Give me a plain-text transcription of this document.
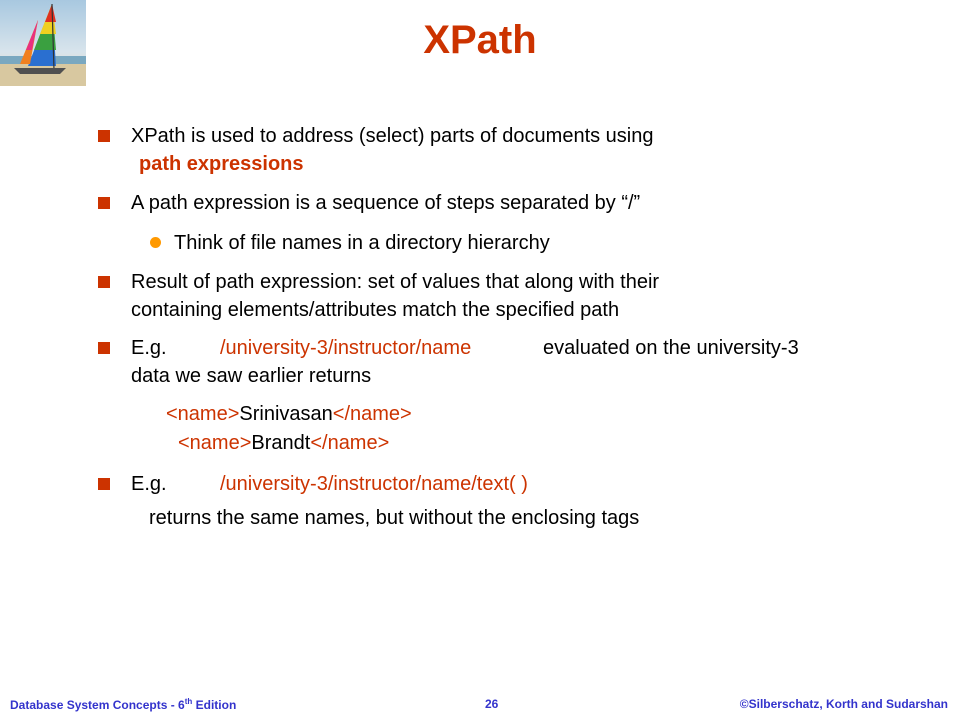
XPath
XPath is used to address (select) parts of documents using
path expressions
A path expression is a sequence of steps separated by “/”
Think of file names in a directory hierarchy
Result of path expression: set of values that along with their
containing elements/attributes match the specified path
E.g.	/university-3/instructor/name	evaluated on the university-3
data we saw earlier returns
<name>Srinivasan</name>
<name>Brandt</name>
E.g.	/university-3/instructor/name/text( )
returns the same names, but without the enclosing tags
Database System Concepts - 6th Edition	26	©Silberschatz, Korth and Sudarshan
